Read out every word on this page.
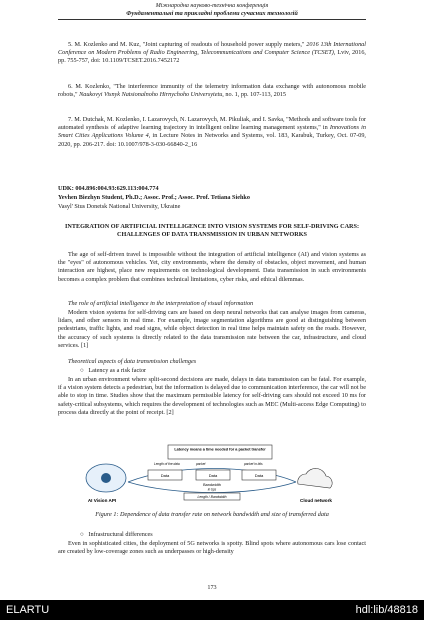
Міжнародна науково-технічна конференція
Фундаментальні та прикладні проблеми сучасних технологій
5. M. Kozlenko and M. Kuz, "Joint capturing of readouts of household power supply meters," 2016 13th International Conference on Modern Problems of Radio Engineering, Telecommunications and Computer Science (TCSET), Lviv, 2016, pp. 755-757, doi: 10.1109/TCSET.2016.7452172
6. M. Kozlenko, "The interference immunity of the telemetry information data exchange with autonomous mobile robots," Naukovyi Visnyk Natsionalnoho Hirnychoho Universytetu, no. 1, pp. 107-113, 2015
7. M. Dutchak, M. Kozlenko, I. Lazarovych, N. Lazarovych, M. Pikuliak, and I. Savka, "Methods and software tools for automated synthesis of adaptive learning trajectory in intelligent online learning management systems," in Innovations in Smart Cities Applications Volume 4, in Lecture Notes in Networks and Systems, vol. 183, Karabuk, Turkey, Oct. 07-09, 2020, pp. 206-217. doi: 10.1007/978-3-030-66840-2_16
UDK: 004.896:004.93:629.113:004.774
Yevhen Biezhyn Student, Ph.D.; Assoc. Prof.; Assoc. Prof. Tetiana Siehko
Vasyl' Stus Donetsk National University, Ukraine
INTEGRATION OF ARTIFICIAL INTELLIGENCE INTO VISION SYSTEMS FOR SELF-DRIVING CARS: CHALLENGES OF DATA TRANSMISSION IN URBAN NETWORKS
The age of self-driven travel is impossible without the integration of artificial intelligence (AI) and vision systems as the "eyes" of autonomous vehicles. Yet, city environments, where the density of obstacles, object movement, and human interaction are highest, place new requirements on technological development. Data transmission in such environments becomes a complex problem that combines technical limitations, cyber risks, and ethical dilemmas.
The role of artificial intelligence in the interpretation of visual information
Modern vision systems for self-driving cars are based on deep neural networks that can analyse images from cameras, lidars, and other sensors in real time. For example, image segmentation algorithms are good at distinguishing between pedestrians, traffic lights, and road signs, while object detection in real time helps maintain safety on the roads. However, the accuracy of such systems is directly related to the data transmission rate between the car, infrastructure, and cloud services. [1]
Theoretical aspects of data transmission challenges
○   Latency as a risk factor
In an urban environment where split-second decisions are made, delays in data transmission can be fatal. For example, if a vision system detects a pedestrian, but the information is delayed due to communication interference, the car will not be able to stop in time. Studies show that the maximum permissible latency for self-driving cars should not exceed 10 ms for safety-critical subsystems, which requires the development of technologies such as MEC (Multi-access Edge Computing) to process data directly at the point of receipt. [2]
AI Vision API
Latency means a time needed for a packet transfer
Length of the data	packet	packet in bits
Data	Data	Data
Bandwidth
in bps
Length / Bandwidth
Cloud network
Figure 1: Dependence of data transfer rate on network bandwidth and size of transferred data
○   Infrastructural differences
Even in sophisticated cities, the deployment of 5G networks is spotty. Blind spots where autonomous cars lose contact are created by low-coverage zones such as underpasses or high-density
173
ELARTU	hdl:lib/48818
